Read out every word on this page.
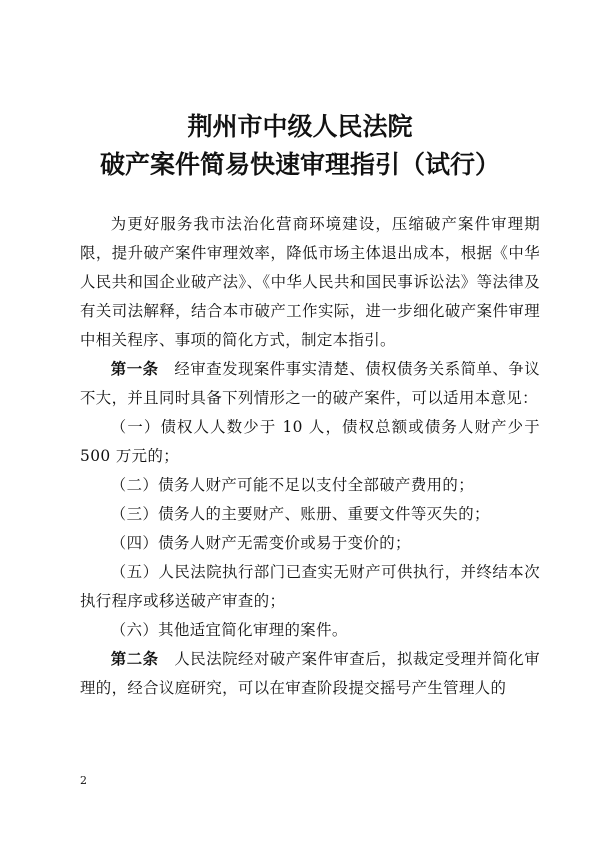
荆州市中级人民法院
破产案件简易快速审理指引（试行）

为更好服务我市法治化营商环境建设，压缩破产案件审理期限，提升破产案件审理效率，降低市场主体退出成本，根据《中华人民共和国企业破产法》、《中华人民共和国民事诉讼法》等法律及有关司法解释，结合本市破产工作实际，进一步细化破产案件审理中相关程序、事项的简化方式，制定本指引。

第一条　 经审查发现案件事实清楚、债权债务关系简单、争议不大，并且同时具备下列情形之一的破产案件，可以适用本意见：

（一）债权人人数少于 10 人，债权总额或债务人财产少于 500 万元的；

（二）债务人财产可能不足以支付全部破产费用的；

（三）债务人的主要财产、账册、重要文件等灭失的；

（四）债务人财产无需变价或易于变价的；

（五）人民法院执行部门已查实无财产可供执行，并终结本次执行程序或移送破产审查的；

（六）其他适宜简化审理的案件。

第二条　 人民法院经对破产案件审查后，拟裁定受理并简化审理的，经合议庭研究，可以在审查阶段提交摇号产生管理人的

2
